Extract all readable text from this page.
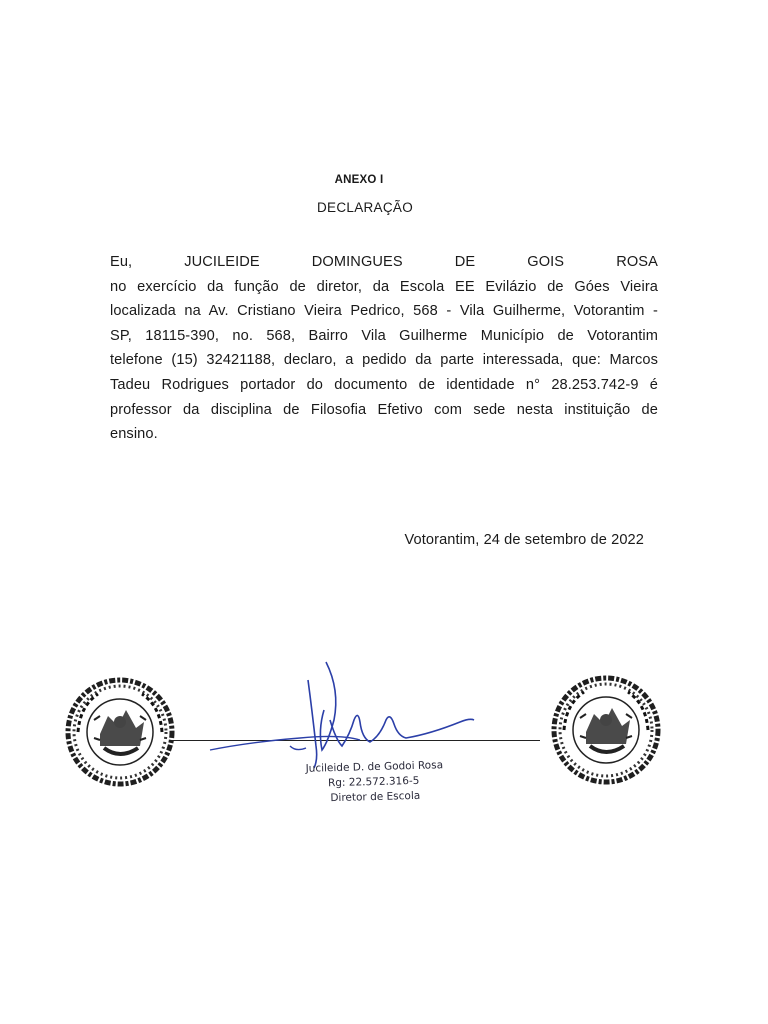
ANEXO I
DECLARAÇÃO
Eu,	JUCILEIDE	DOMINGUES	DE	GOIS	ROSA
no exercício da função de diretor, da Escola EE Evilázio de Góes Vieira
localizada na Av. Cristiano Vieira Pedrico, 568 - Vila Guilherme, Votorantim -
SP, 18115-390, no. 568, Bairro Vila Guilherme Município de Votorantim
telefone (15) 32421188, declaro, a pedido da parte interessada, que: Marcos
Tadeu Rodrigues portador do documento de identidade n° 28.253.742-9 é
professor da disciplina de Filosofia Efetivo com sede nesta instituição de
ensino.
Votorantim, 24 de setembro de 2022
Jucileide D. de Godoi Rosa
Rg: 22.572.316-5
Diretor de Escola
